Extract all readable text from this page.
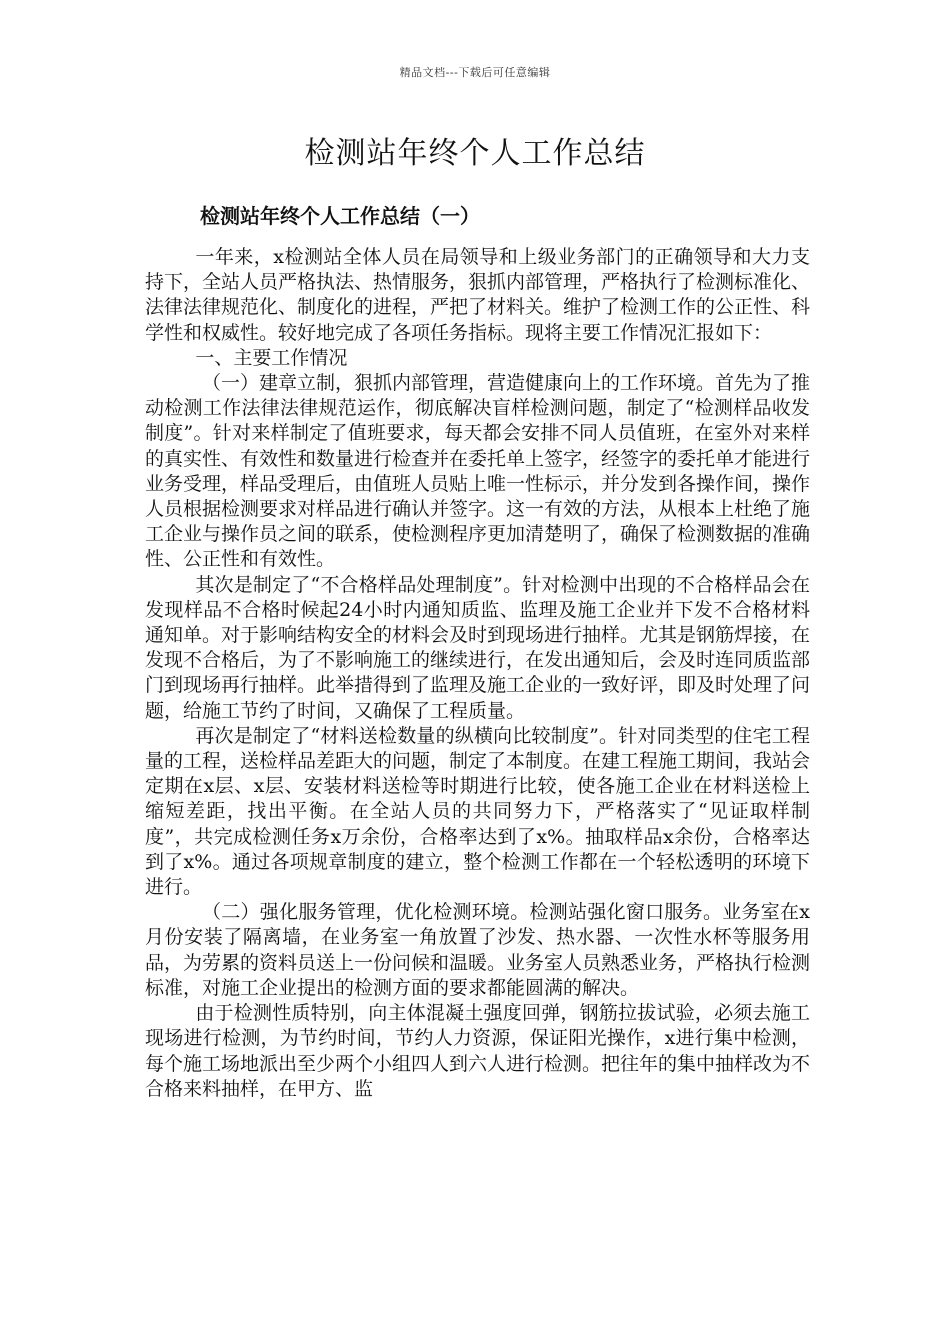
精品文档---下载后可任意编辑
检测站年终个人工作总结
检测站年终个人工作总结（一）

一年来，x检测站全体人员在局领导和上级业务部门的正确领导和大力支持下，全站人员严格执法、热情服务，狠抓内部管理，严格执行了检测标准化、法律法律规范化、制度化的进程，严把了材料关。维护了检测工作的公正性、科学性和权威性。较好地完成了各项任务指标。现将主要工作情况汇报如下：

一、主要工作情况

（一）建章立制，狠抓内部管理，营造健康向上的工作环境。首先为了推动检测工作法律法律规范运作，彻底解决盲样检测问题，制定了“检测样品收发制度”。针对来样制定了值班要求，每天都会安排不同人员值班，在室外对来样的真实性、有效性和数量进行检查并在委托单上签字，经签字的委托单才能进行业务受理，样品受理后，由值班人员贴上唯一性标示，并分发到各操作间，操作人员根据检测要求对样品进行确认并签字。这一有效的方法，从根本上杜绝了施工企业与操作员之间的联系，使检测程序更加清楚明了，确保了检测数据的准确性、公正性和有效性。

其次是制定了“不合格样品处理制度”。针对检测中出现的不合格样品会在发现样品不合格时候起24小时内通知质监、监理及施工企业并下发不合格材料通知单。对于影响结构安全的材料会及时到现场进行抽样。尤其是钢筋焊接，在发现不合格后，为了不影响施工的继续进行，在发出通知后，会及时连同质监部门到现场再行抽样。此举措得到了监理及施工企业的一致好评，即及时处理了问题，给施工节约了时间，又确保了工程质量。

再次是制定了“材料送检数量的纵横向比较制度”。针对同类型的住宅工程量的工程，送检样品差距大的问题，制定了本制度。在建工程施工期间，我站会定期在x层、x层、安装材料送检等时期进行比较，使各施工企业在材料送检上缩短差距，找出平衡。在全站人员的共同努力下，严格落实了“见证取样制度”，共完成检测任务x万余份，合格率达到了x%。抽取样品x余份，合格率达到了x%。通过各项规章制度的建立，整个检测工作都在一个轻松透明的环境下进行。

（二）强化服务管理，优化检测环境。检测站强化窗口服务。业务室在x月份安装了隔离墙，在业务室一角放置了沙发、热水器、一次性水杯等服务用品，为劳累的资料员送上一份问候和温暖。业务室人员熟悉业务，严格执行检测标准，对施工企业提出的检测方面的要求都能圆满的解决。

由于检测性质特别，向主体混凝土强度回弹，钢筋拉拔试验，必须去施工现场进行检测，为节约时间，节约人力资源，保证阳光操作，x进行集中检测，每个施工场地派出至少两个小组四人到六人进行检测。把往年的集中抽样改为不合格来料抽样，在甲方、监
